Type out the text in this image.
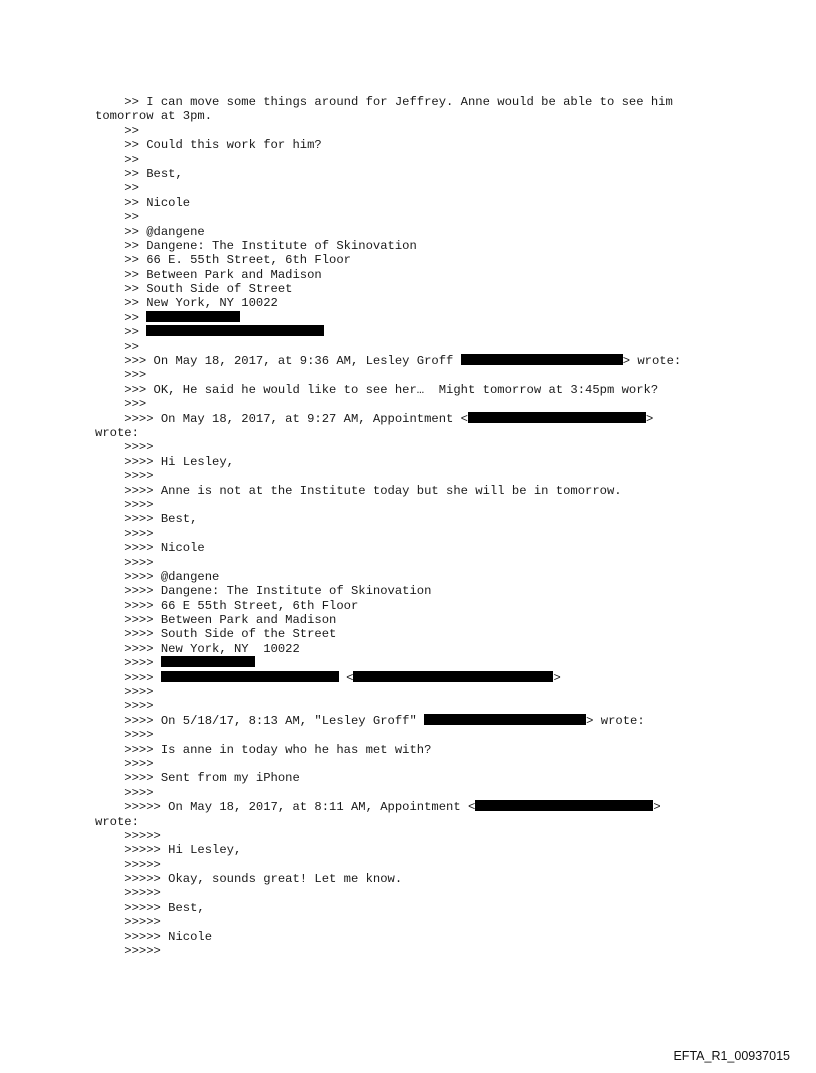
>> I can move some things around for Jeffrey. Anne would be able to see him
tomorrow at 3pm.
>>
>> Could this work for him?
>>
>> Best,
>>
>> Nicole
>>
>> @dangene
>> Dangene: The Institute of Skinovation
>> 66 E. 55th Street, 6th Floor
>> Between Park and Madison
>> South Side of Street
>> New York, NY 10022
>>
>>
>>
>>> On May 18, 2017, at 9:36 AM, Lesley Groff	> wrote:
>>>
>>> OK, He said he would like to see her…  Might tomorrow at 3:45pm work?
>>>
>>>> On May 18, 2017, at 9:27 AM, Appointment <	>
wrote:
>>>>
>>>> Hi Lesley,
>>>>
>>>> Anne is not at the Institute today but she will be in tomorrow.
>>>>
>>>> Best,
>>>>
>>>> Nicole
>>>>
>>>> @dangene
>>>> Dangene: The Institute of Skinovation
>>>> 66 E 55th Street, 6th Floor
>>>> Between Park and Madison
>>>> South Side of the Street
>>>> New York, NY  10022
>>>>
>>>>	<	>
>>>>
>>>>
>>>> On 5/18/17, 8:13 AM, "Lesley Groff"	> wrote:
>>>>
>>>> Is anne in today who he has met with?
>>>>
>>>> Sent from my iPhone
>>>>
>>>>> On May 18, 2017, at 8:11 AM, Appointment <	>
wrote:
>>>>>
>>>>> Hi Lesley,
>>>>>
>>>>> Okay, sounds great! Let me know.
>>>>>
>>>>> Best,
>>>>>
>>>>> Nicole
>>>>>
EFTA_R1_00937015
